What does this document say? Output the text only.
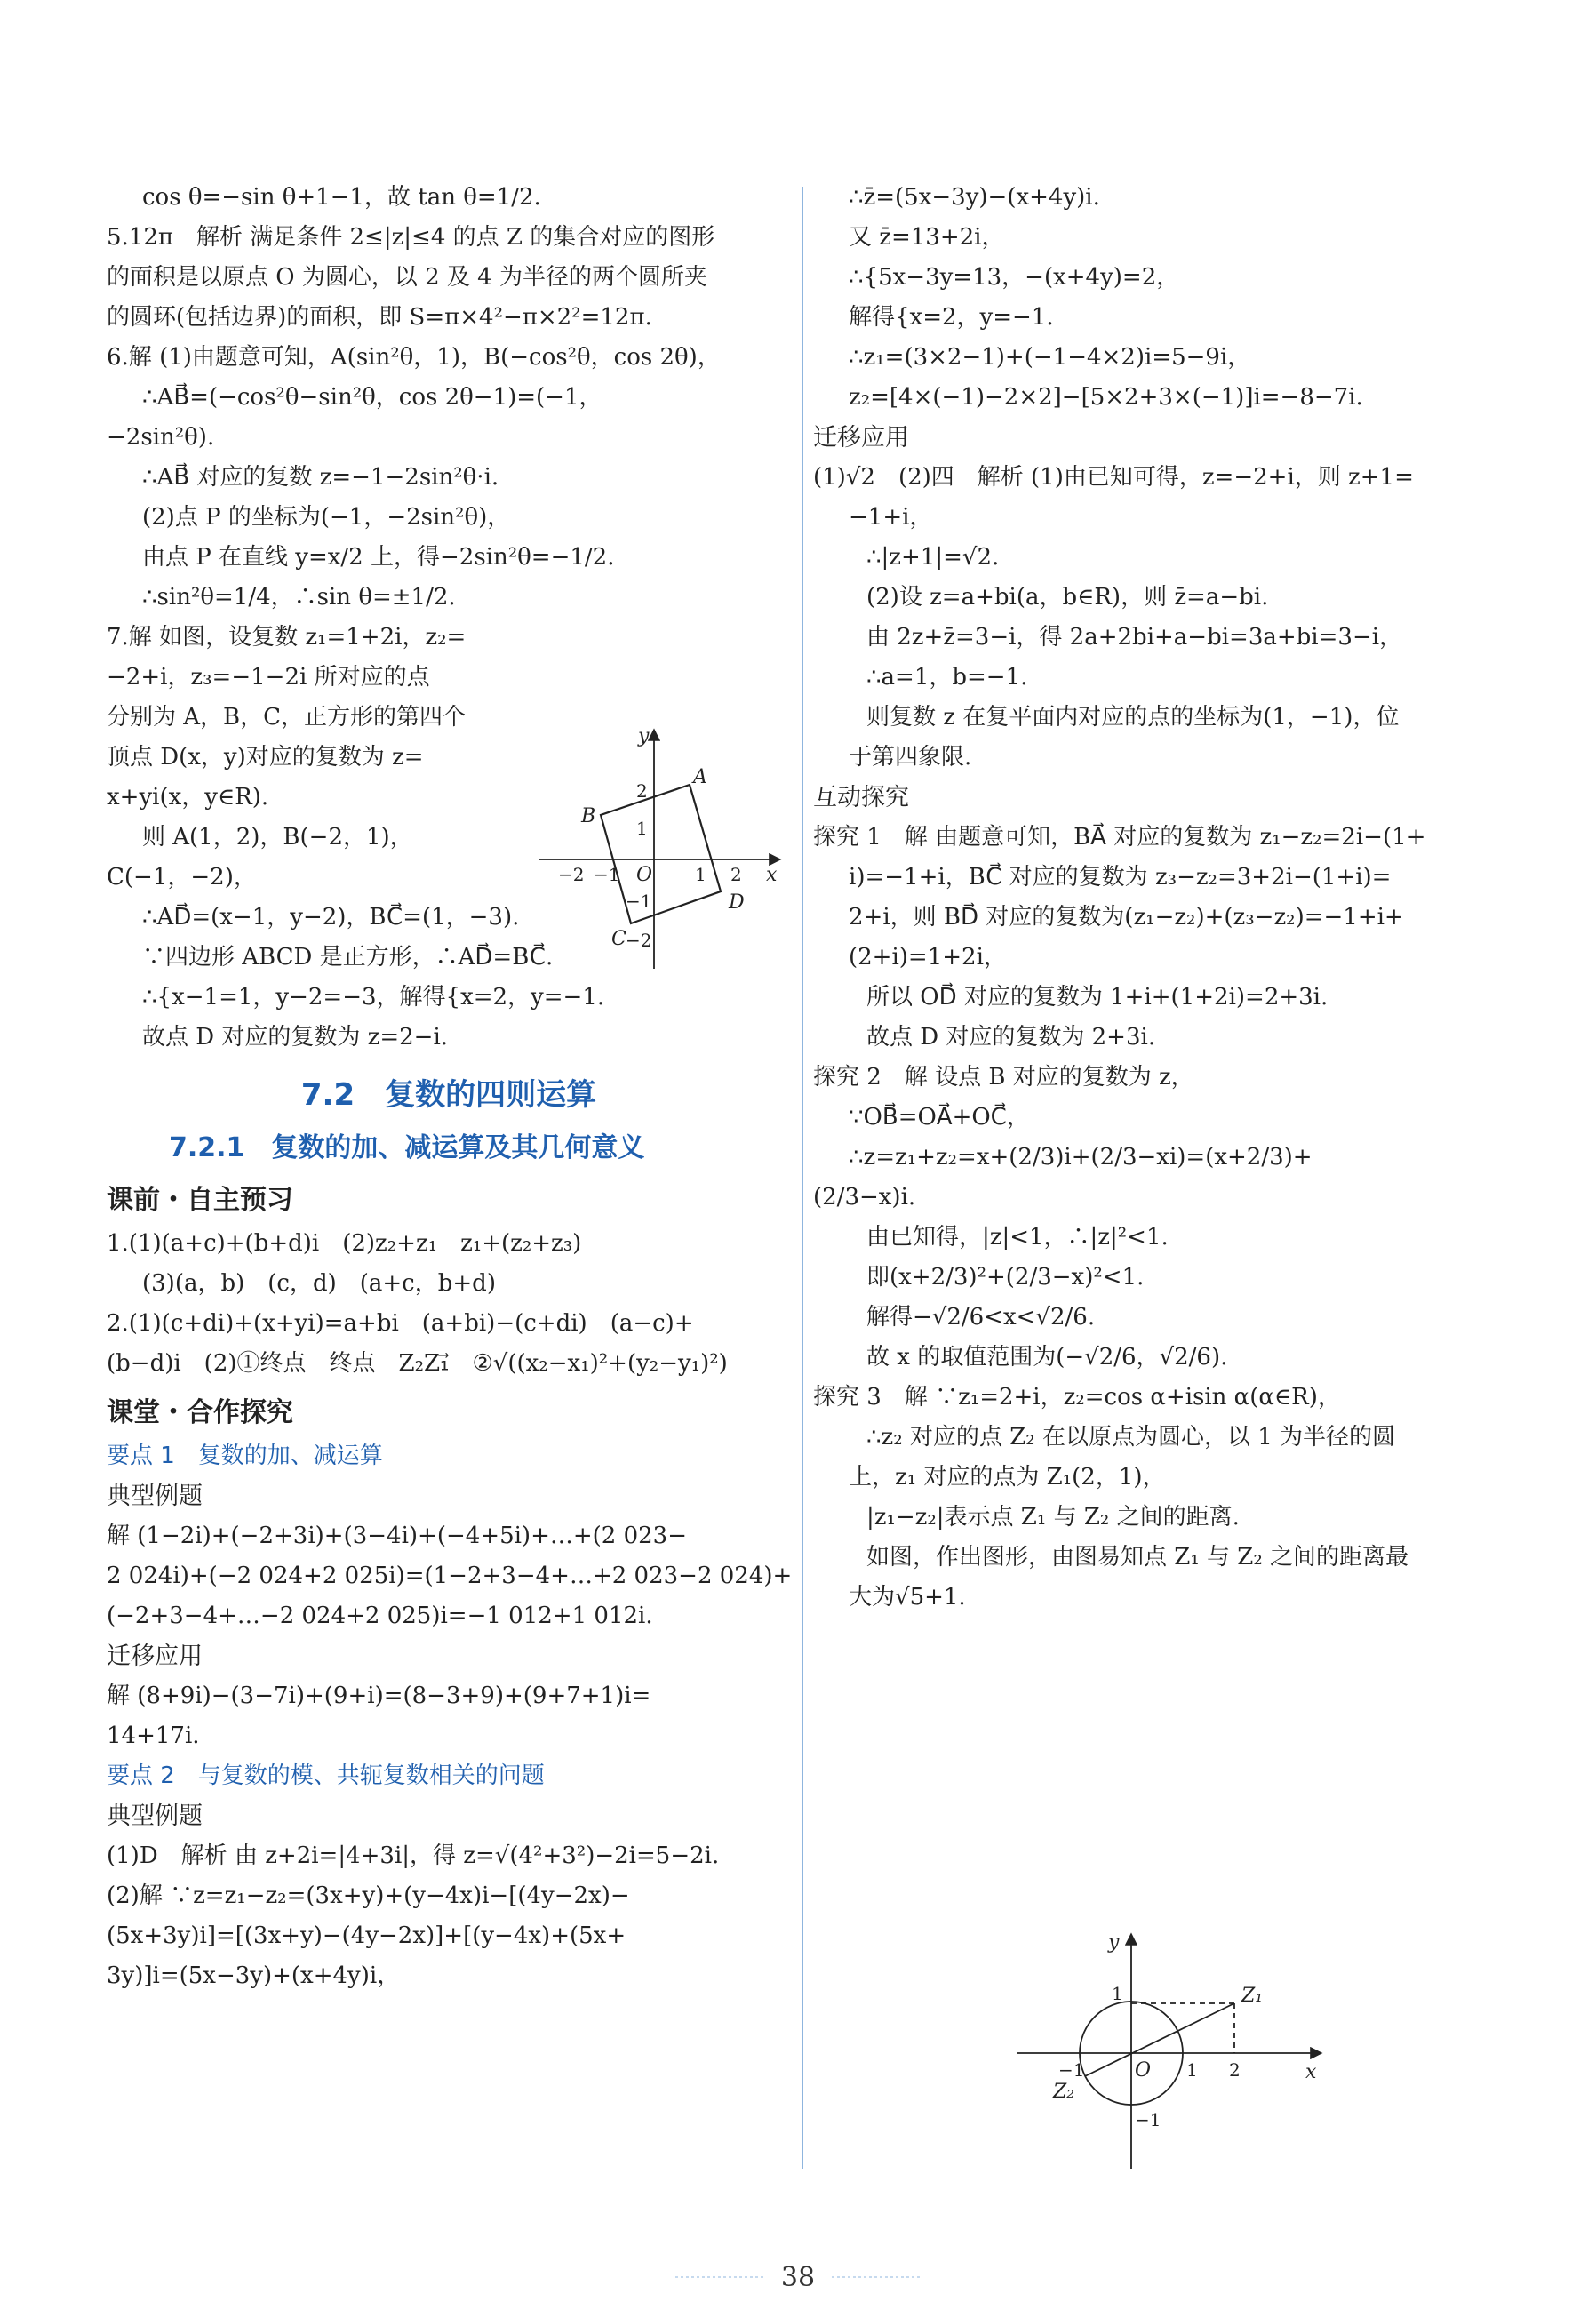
cos θ=−sin θ+1−1，故 tan θ=1/2.
5.12π　解析 满足条件 2≤|z|≤4 的点 Z 的集合对应的图形
的面积是以原点 O 为圆心，以 2 及 4 为半径的两个圆所夹
的圆环(包括边界)的面积，即 S=π×4²−π×2²=12π.
6.解 (1)由题意可知，A(sin²θ，1)，B(−cos²θ，cos 2θ)，
∴AB⃗=(−cos²θ−sin²θ，cos 2θ−1)=(−1，
−2sin²θ).
∴AB⃗ 对应的复数 z=−1−2sin²θ·i.
(2)点 P 的坐标为(−1，−2sin²θ)，
由点 P 在直线 y=x/2 上，得−2sin²θ=−1/2.
∴sin²θ=1/4，∴sin θ=±1/2.
7.解 如图，设复数 z₁=1+2i，z₂=
−2+i，z₃=−1−2i 所对应的点
分别为 A，B，C，正方形的第四个
顶点 D(x，y)对应的复数为 z=
x+yi(x，y∈R).
则 A(1，2)，B(−2，1)，
C(−1，−2)，
∴AD⃗=(x−1，y−2)，BC⃗=(1，−3).
∵四边形 ABCD 是正方形，∴AD⃗=BC⃗.
∴{x−1=1，y−2=−3，解得{x=2，y=−1.
故点 D 对应的复数为 z=2−i.
7.2　复数的四则运算
7.2.1　复数的加、减运算及其几何意义
课前・自主预习
1.(1)(a+c)+(b+d)i　(2)z₂+z₁　z₁+(z₂+z₃)
(3)(a，b)　(c，d)　(a+c，b+d)
2.(1)(c+di)+(x+yi)=a+bi　(a+bi)−(c+di)　(a−c)+
(b−d)i　(2)①终点　终点　Z₂Z₁⃗　②√((x₂−x₁)²+(y₂−y₁)²)
课堂・合作探究
要点 1　复数的加、减运算
典型例题
解 (1−2i)+(−2+3i)+(3−4i)+(−4+5i)+…+(2 023−
2 024i)+(−2 024+2 025i)=(1−2+3−4+…+2 023−2 024)+
(−2+3−4+…−2 024+2 025)i=−1 012+1 012i.
迁移应用
解 (8+9i)−(3−7i)+(9+i)=(8−3+9)+(9+7+1)i=
14+17i.
要点 2　与复数的模、共轭复数相关的问题
典型例题
(1)D　解析 由 z+2i=|4+3i|，得 z=√(4²+3²)−2i=5−2i.
(2)解 ∵z=z₁−z₂=(3x+y)+(y−4x)i−[(4y−2x)−
(5x+3y)i]=[(3x+y)−(4y−2x)]+[(y−4x)+(5x+
3y)]i=(5x−3y)+(x+4y)i，
∴z̄=(5x−3y)−(x+4y)i.
又 z̄=13+2i，
∴{5x−3y=13，−(x+4y)=2，
解得{x=2，y=−1.
∴z₁=(3×2−1)+(−1−4×2)i=5−9i，
z₂=[4×(−1)−2×2]−[5×2+3×(−1)]i=−8−7i.
迁移应用
(1)√2　(2)四　解析 (1)由已知可得，z=−2+i，则 z+1=
−1+i，
∴|z+1|=√2.
(2)设 z=a+bi(a，b∈R)，则 z̄=a−bi.
由 2z+z̄=3−i，得 2a+2bi+a−bi=3a+bi=3−i，
∴a=1，b=−1.
则复数 z 在复平面内对应的点的坐标为(1，−1)，位
于第四象限.
互动探究
探究 1　解 由题意可知，BA⃗ 对应的复数为 z₁−z₂=2i−(1+
i)=−1+i，BC⃗ 对应的复数为 z₃−z₂=3+2i−(1+i)=
2+i，则 BD⃗ 对应的复数为(z₁−z₂)+(z₃−z₂)=−1+i+
(2+i)=1+2i，
所以 OD⃗ 对应的复数为 1+i+(1+2i)=2+3i.
故点 D 对应的复数为 2+3i.
探究 2　解 设点 B 对应的复数为 z，
∵OB⃗=OA⃗+OC⃗，
∴z=z₁+z₂=x+(2/3)i+(2/3−xi)=(x+2/3)+
(2/3−x)i.
由已知得，|z|<1，∴|z|²<1.
即(x+2/3)²+(2/3−x)²<1.
解得−√2/6<x<√2/6.
故 x 的取值范围为(−√2/6，√2/6).
探究 3　解 ∵z₁=2+i，z₂=cos α+isin α(α∈R)，
∴z₂ 对应的点 Z₂ 在以原点为圆心，以 1 为半径的圆
上，z₁ 对应的点为 Z₁(2，1)，
|z₁−z₂|表示点 Z₁ 与 Z₂ 之间的距离.
如图，作出图形，由图易知点 Z₁ 与 Z₂ 之间的距离最
大为√5+1.
y
x
O
A
B
C
D
−2 −1	1 2
2
1
−1
−2
y
x
O
Z₁
Z₂
−1	1 2
1
−1
38
